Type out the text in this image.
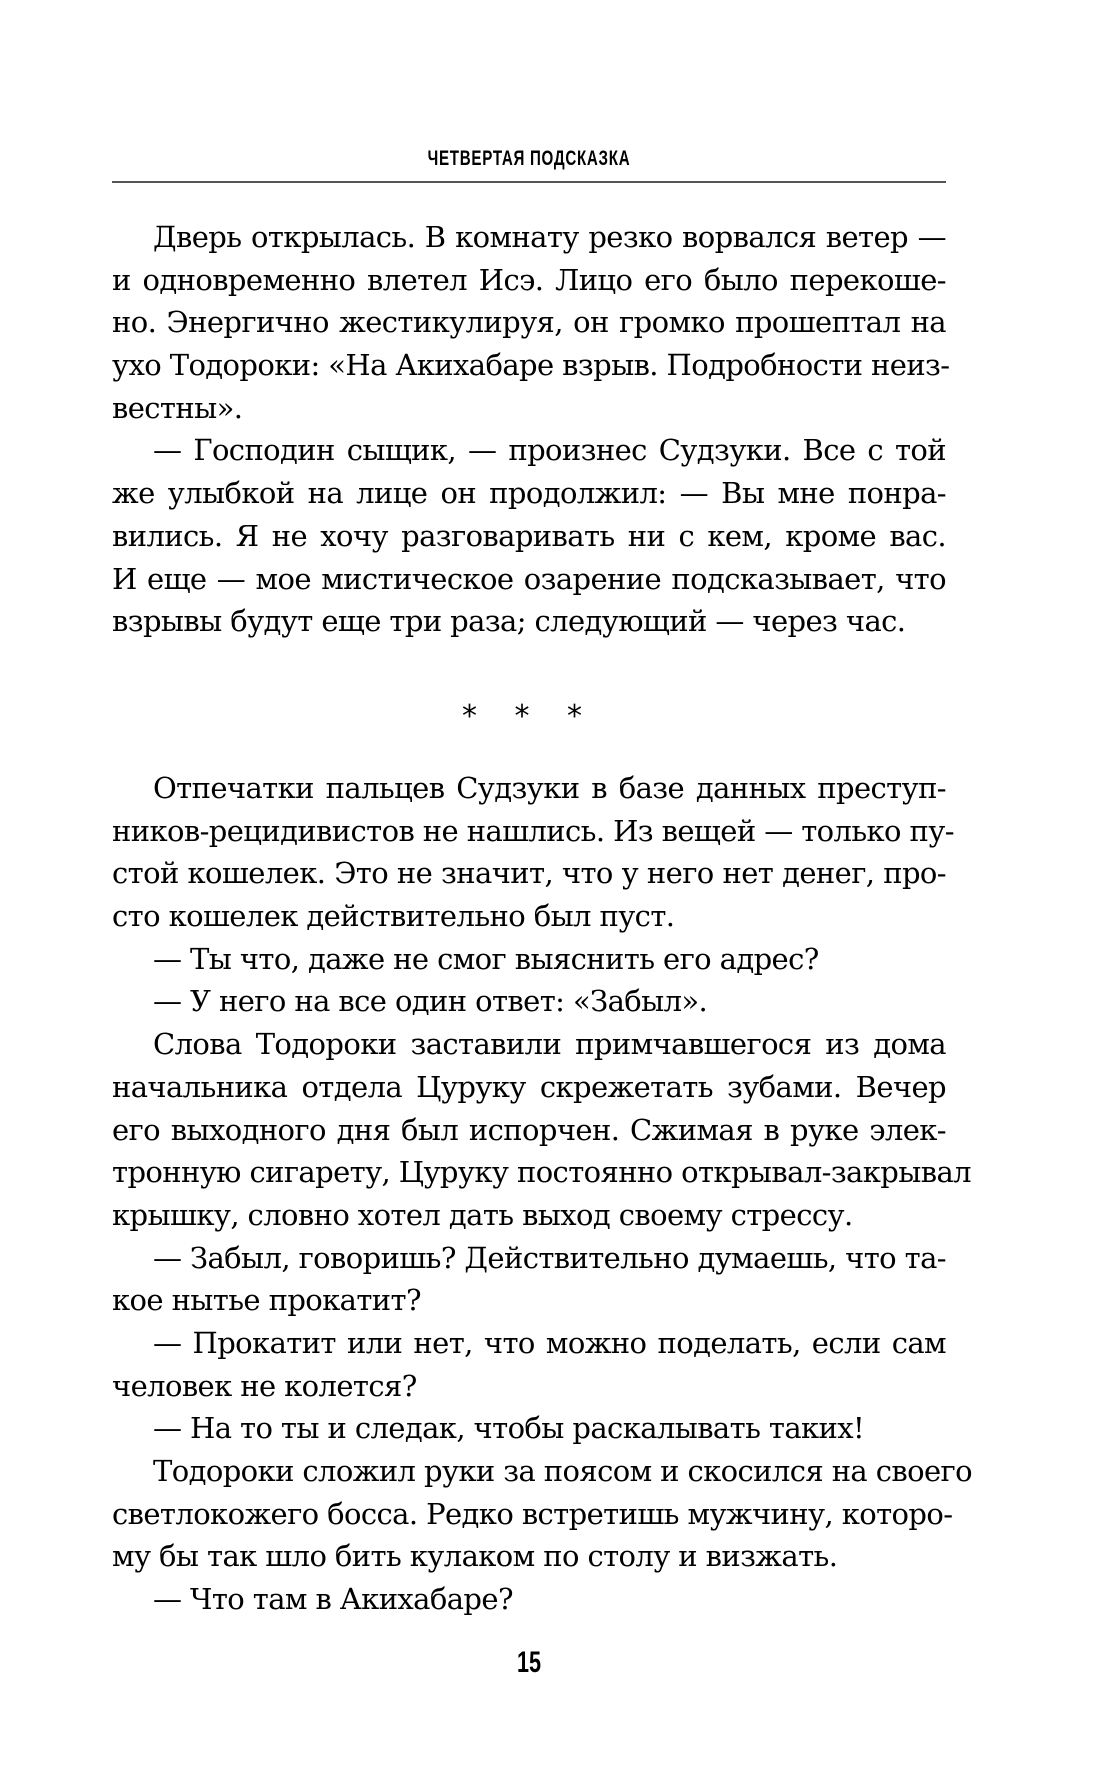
ЧЕТВЕРТАЯ ПОДСКАЗКА
Дверь открылась. В комнату резко ворвался ветер —
и одновременно влетел Исэ. Лицо его было перекоше-
но. Энергично жестикулируя, он громко прошептал на
ухо Тодороки: «На Акихабаре взрыв. Подробности неиз-
вестны».
— Господин сыщик, — произнес Судзуки. Все с той
же улыбкой на лице он продолжил: — Вы мне понра-
вились. Я не хочу разговаривать ни с кем, кроме вас.
И еще — мое мистическое озарение подсказывает, что
взрывы будут еще три раза; следующий — через час.
* * *
Отпечатки пальцев Судзуки в базе данных преступ-
ников-рецидивистов не нашлись. Из вещей — только пу-
стой кошелек. Это не значит, что у него нет денег, про-
сто кошелек действительно был пуст.
— Ты что, даже не смог выяснить его адрес?
— У него на все один ответ: «Забыл».
Слова Тодороки заставили примчавшегося из дома
начальника отдела Цуруку скрежетать зубами. Вечер
его выходного дня был испорчен. Сжимая в руке элек-
тронную сигарету, Цуруку постоянно открывал-закрывал
крышку, словно хотел дать выход своему стрессу.
— Забыл, говоришь? Действительно думаешь, что та-
кое нытье прокатит?
— Прокатит или нет, что можно поделать, если сам
человек не колется?
— На то ты и следак, чтобы раскалывать таких!
Тодороки сложил руки за поясом и скосился на своего
светлокожего босса. Редко встретишь мужчину, которо-
му бы так шло бить кулаком по столу и визжать.
— Что там в Акихабаре?
15
